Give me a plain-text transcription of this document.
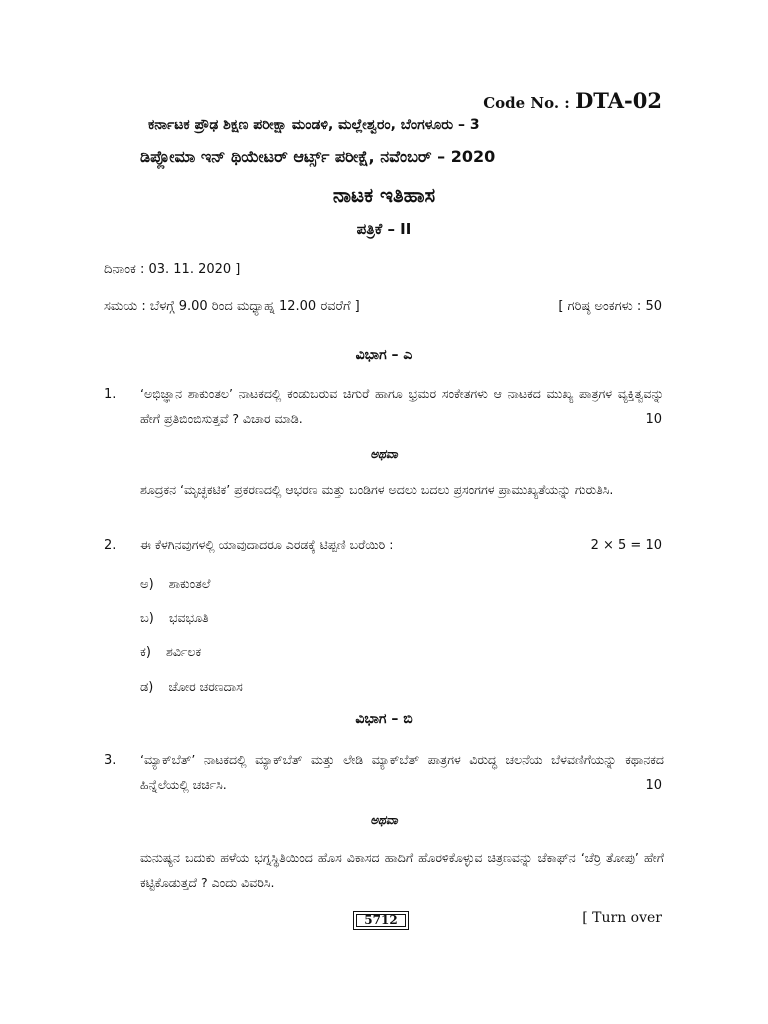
Code No. : DTA-02
ಕರ್ನಾಟಕ ಪ್ರೌಢ ಶಿಕ್ಷಣ ಪರೀಕ್ಷಾ ಮಂಡಳಿ, ಮಲ್ಲೇಶ್ವರಂ, ಬೆಂಗಳೂರು – 3
ಡಿಪ್ಲೋಮಾ ಇನ್ ಥಿಯೇಟರ್ ಆರ್ಟ್ಸ್ ಪರೀಕ್ಷೆ, ನವೆಂಬರ್ – 2020
ನಾಟಕ ಇತಿಹಾಸ
ಪತ್ರಿಕೆ – II
ದಿನಾಂಕ : 03. 11. 2020 ]
ಸಮಯ : ಬೆಳಗ್ಗೆ 9.00 ರಿಂದ ಮಧ್ಯಾಹ್ನ 12.00 ರವರೆಗೆ ]	[ ಗರಿಷ್ಠ ಅಂಕಗಳು : 50
ವಿಭಾಗ – ಎ
1. ‘ಅಭಿಜ್ಞಾನ ಶಾಕುಂತಲ’ ನಾಟಕದಲ್ಲಿ ಕಂಡುಬರುವ ಚಿಗುರೆ ಹಾಗೂ ಭ್ರಮರ ಸಂಕೇತಗಳು ಆ ನಾಟಕದ ಮುಖ್ಯ ಪಾತ್ರಗಳ ವ್ಯಕ್ತಿತ್ವವನ್ನು ಹೇಗೆ ಪ್ರತಿಬಿಂಬಿಸುತ್ತವೆ ? ವಿಚಾರ ಮಾಡಿ.	10
ಅಥವಾ
ಶೂದ್ರಕನ ‘ಮೃಚ್ಛಕಟಿಕ’ ಪ್ರಕರಣದಲ್ಲಿ ಆಭರಣ ಮತ್ತು ಬಂಡಿಗಳ ಅದಲು ಬದಲು ಪ್ರಸಂಗಗಳ ಪ್ರಾಮುಖ್ಯತೆಯನ್ನು ಗುರುತಿಸಿ.
2. ಈ ಕೆಳಗಿನವುಗಳಲ್ಲಿ ಯಾವುದಾದರೂ ಎರಡಕ್ಕೆ ಟಿಪ್ಪಣಿ ಬರೆಯಿರಿ :	2 × 5 = 10
ಅ) ಶಾಕುಂತಲೆ
ಬ) ಭವಭೂತಿ
ಕ) ಶರ್ವಿಲಕ
ಡ) ಚೋರ ಚರಣದಾಸ
ವಿಭಾಗ – ಬಿ
3. ‘ಮ್ಯಾಕ್‌ಬೆತ್’ ನಾಟಕದಲ್ಲಿ ಮ್ಯಾಕ್‌ಬೆತ್ ಮತ್ತು ಲೇಡಿ ಮ್ಯಾಕ್‌ಬೆತ್ ಪಾತ್ರಗಳ ವಿರುದ್ಧ ಚಲನೆಯ ಬೆಳವಣಿಗೆಯನ್ನು ಕಥಾನಕದ ಹಿನ್ನೆಲೆಯಲ್ಲಿ ಚರ್ಚಿಸಿ.	10
ಅಥವಾ
ಮನುಷ್ಯನ ಬದುಕು ಹಳೆಯ ಭಗ್ನಸ್ಥಿತಿಯಿಂದ ಹೊಸ ವಿಕಾಸದ ಹಾದಿಗೆ ಹೊರಳಿಕೊಳ್ಳುವ ಚಿತ್ರಣವನ್ನು ಚೆಕಾಫ್‌ನ ‘ಚೆರ್ರಿ ತೋಪು’ ಹೇಗೆ ಕಟ್ಟಿಕೊಡುತ್ತದೆ ? ಎಂದು ವಿವರಿಸಿ.
5712	[ Turn over
